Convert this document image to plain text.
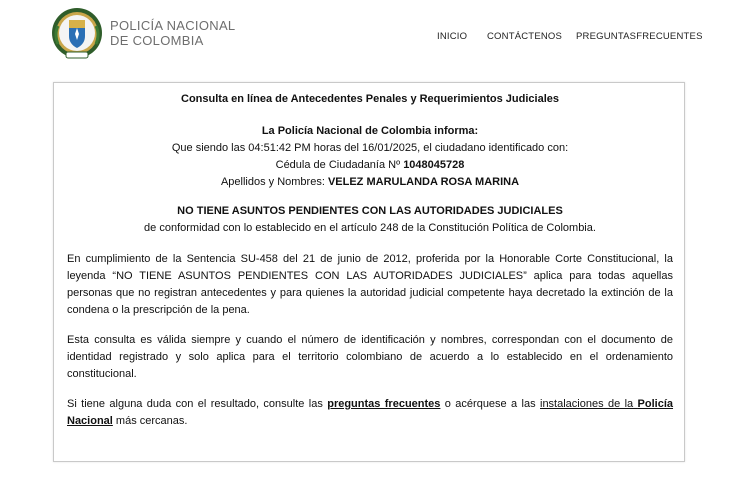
POLICÍA NACIONAL
DE COLOMBIA	INICIO CONTÁCTENOS PREGUNTASFRECUENTES
Consulta en línea de Antecedentes Penales y Requerimientos Judiciales
La Policía Nacional de Colombia informa:
Que siendo las 04:51:42 PM horas del 16/01/2025, el ciudadano identificado con:
Cédula de Ciudadanía Nº 1048045728
Apellidos y Nombres: VELEZ MARULANDA ROSA MARINA
NO TIENE ASUNTOS PENDIENTES CON LAS AUTORIDADES JUDICIALES
de conformidad con lo establecido en el artículo 248 de la Constitución Política de Colombia.
En cumplimiento de la Sentencia SU-458 del 21 de junio de 2012, proferida por la Honorable Corte Constitucional, la leyenda “NO TIENE ASUNTOS PENDIENTES CON LAS AUTORIDADES JUDICIALES” aplica para todas aquellas personas que no registran antecedentes y para quienes la autoridad judicial competente haya decretado la extinción de la condena o la prescripción de la pena.
Esta consulta es válida siempre y cuando el número de identificación y nombres, correspondan con el documento de identidad registrado y solo aplica para el territorio colombiano de acuerdo a lo establecido en el ordenamiento constitucional.
Si tiene alguna duda con el resultado, consulte las preguntas frecuentes o acérquese a las instalaciones de la Policía Nacional más cercanas.
